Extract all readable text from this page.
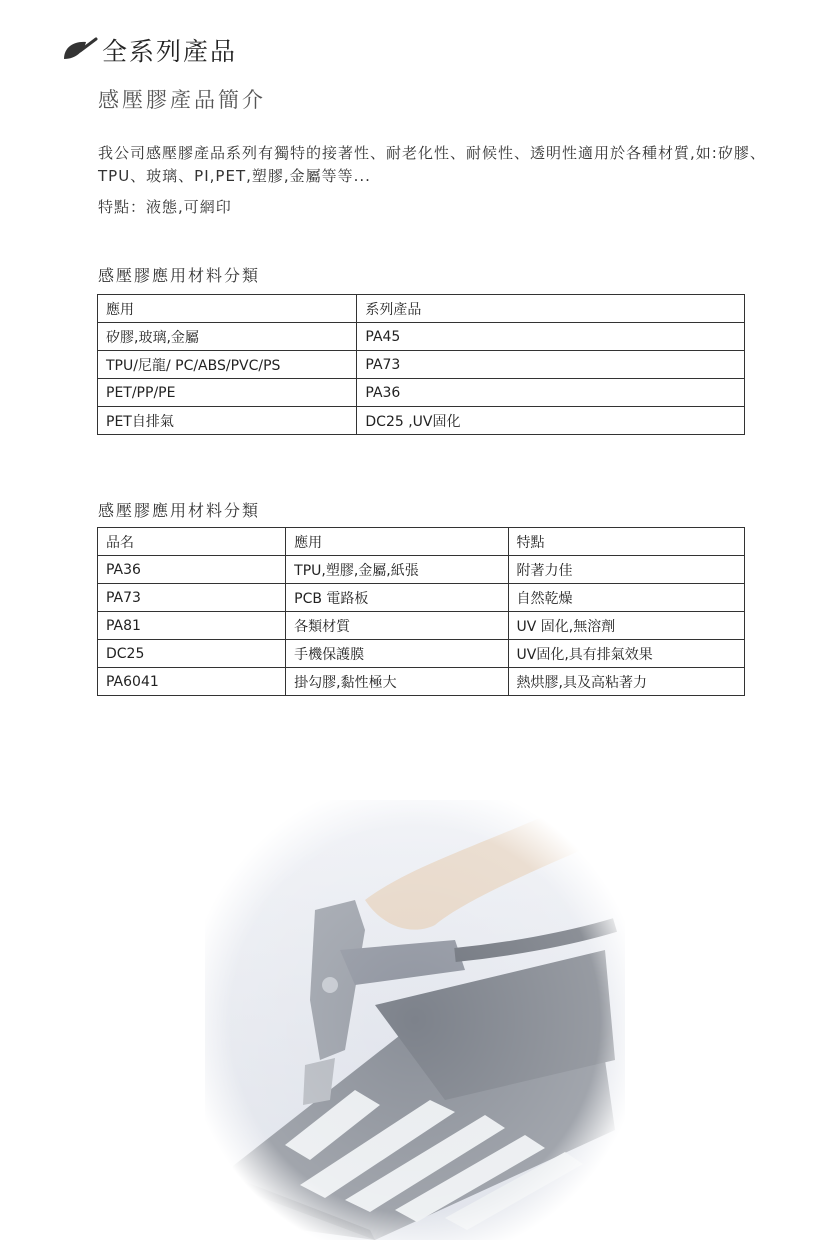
全系列產品
感壓膠產品簡介
我公司感壓膠產品系列有獨特的接著性、耐老化性、耐候性、透明性適用於各種材質,如:矽膠、TPU、玻璃、PI,PET,塑膠,金屬等等...
特點：液態,可網印
感壓膠應用材料分類
應用	系列產品
矽膠,玻璃,金屬	PA45
TPU/尼龍/ PC/ABS/PVC/PS	PA73
PET/PP/PE	PA36
PET自排氣	DC25 ,UV固化
感壓膠應用材料分類
品名	應用	特點
PA36	TPU,塑膠,金屬,紙張	附著力佳
PA73	PCB 電路板	自然乾燥
PA81	各類材質	UV 固化,無溶劑
DC25	手機保護膜	UV固化,具有排氣效果
PA6041	掛勾膠,黏性極大	熱烘膠,具及高粘著力
